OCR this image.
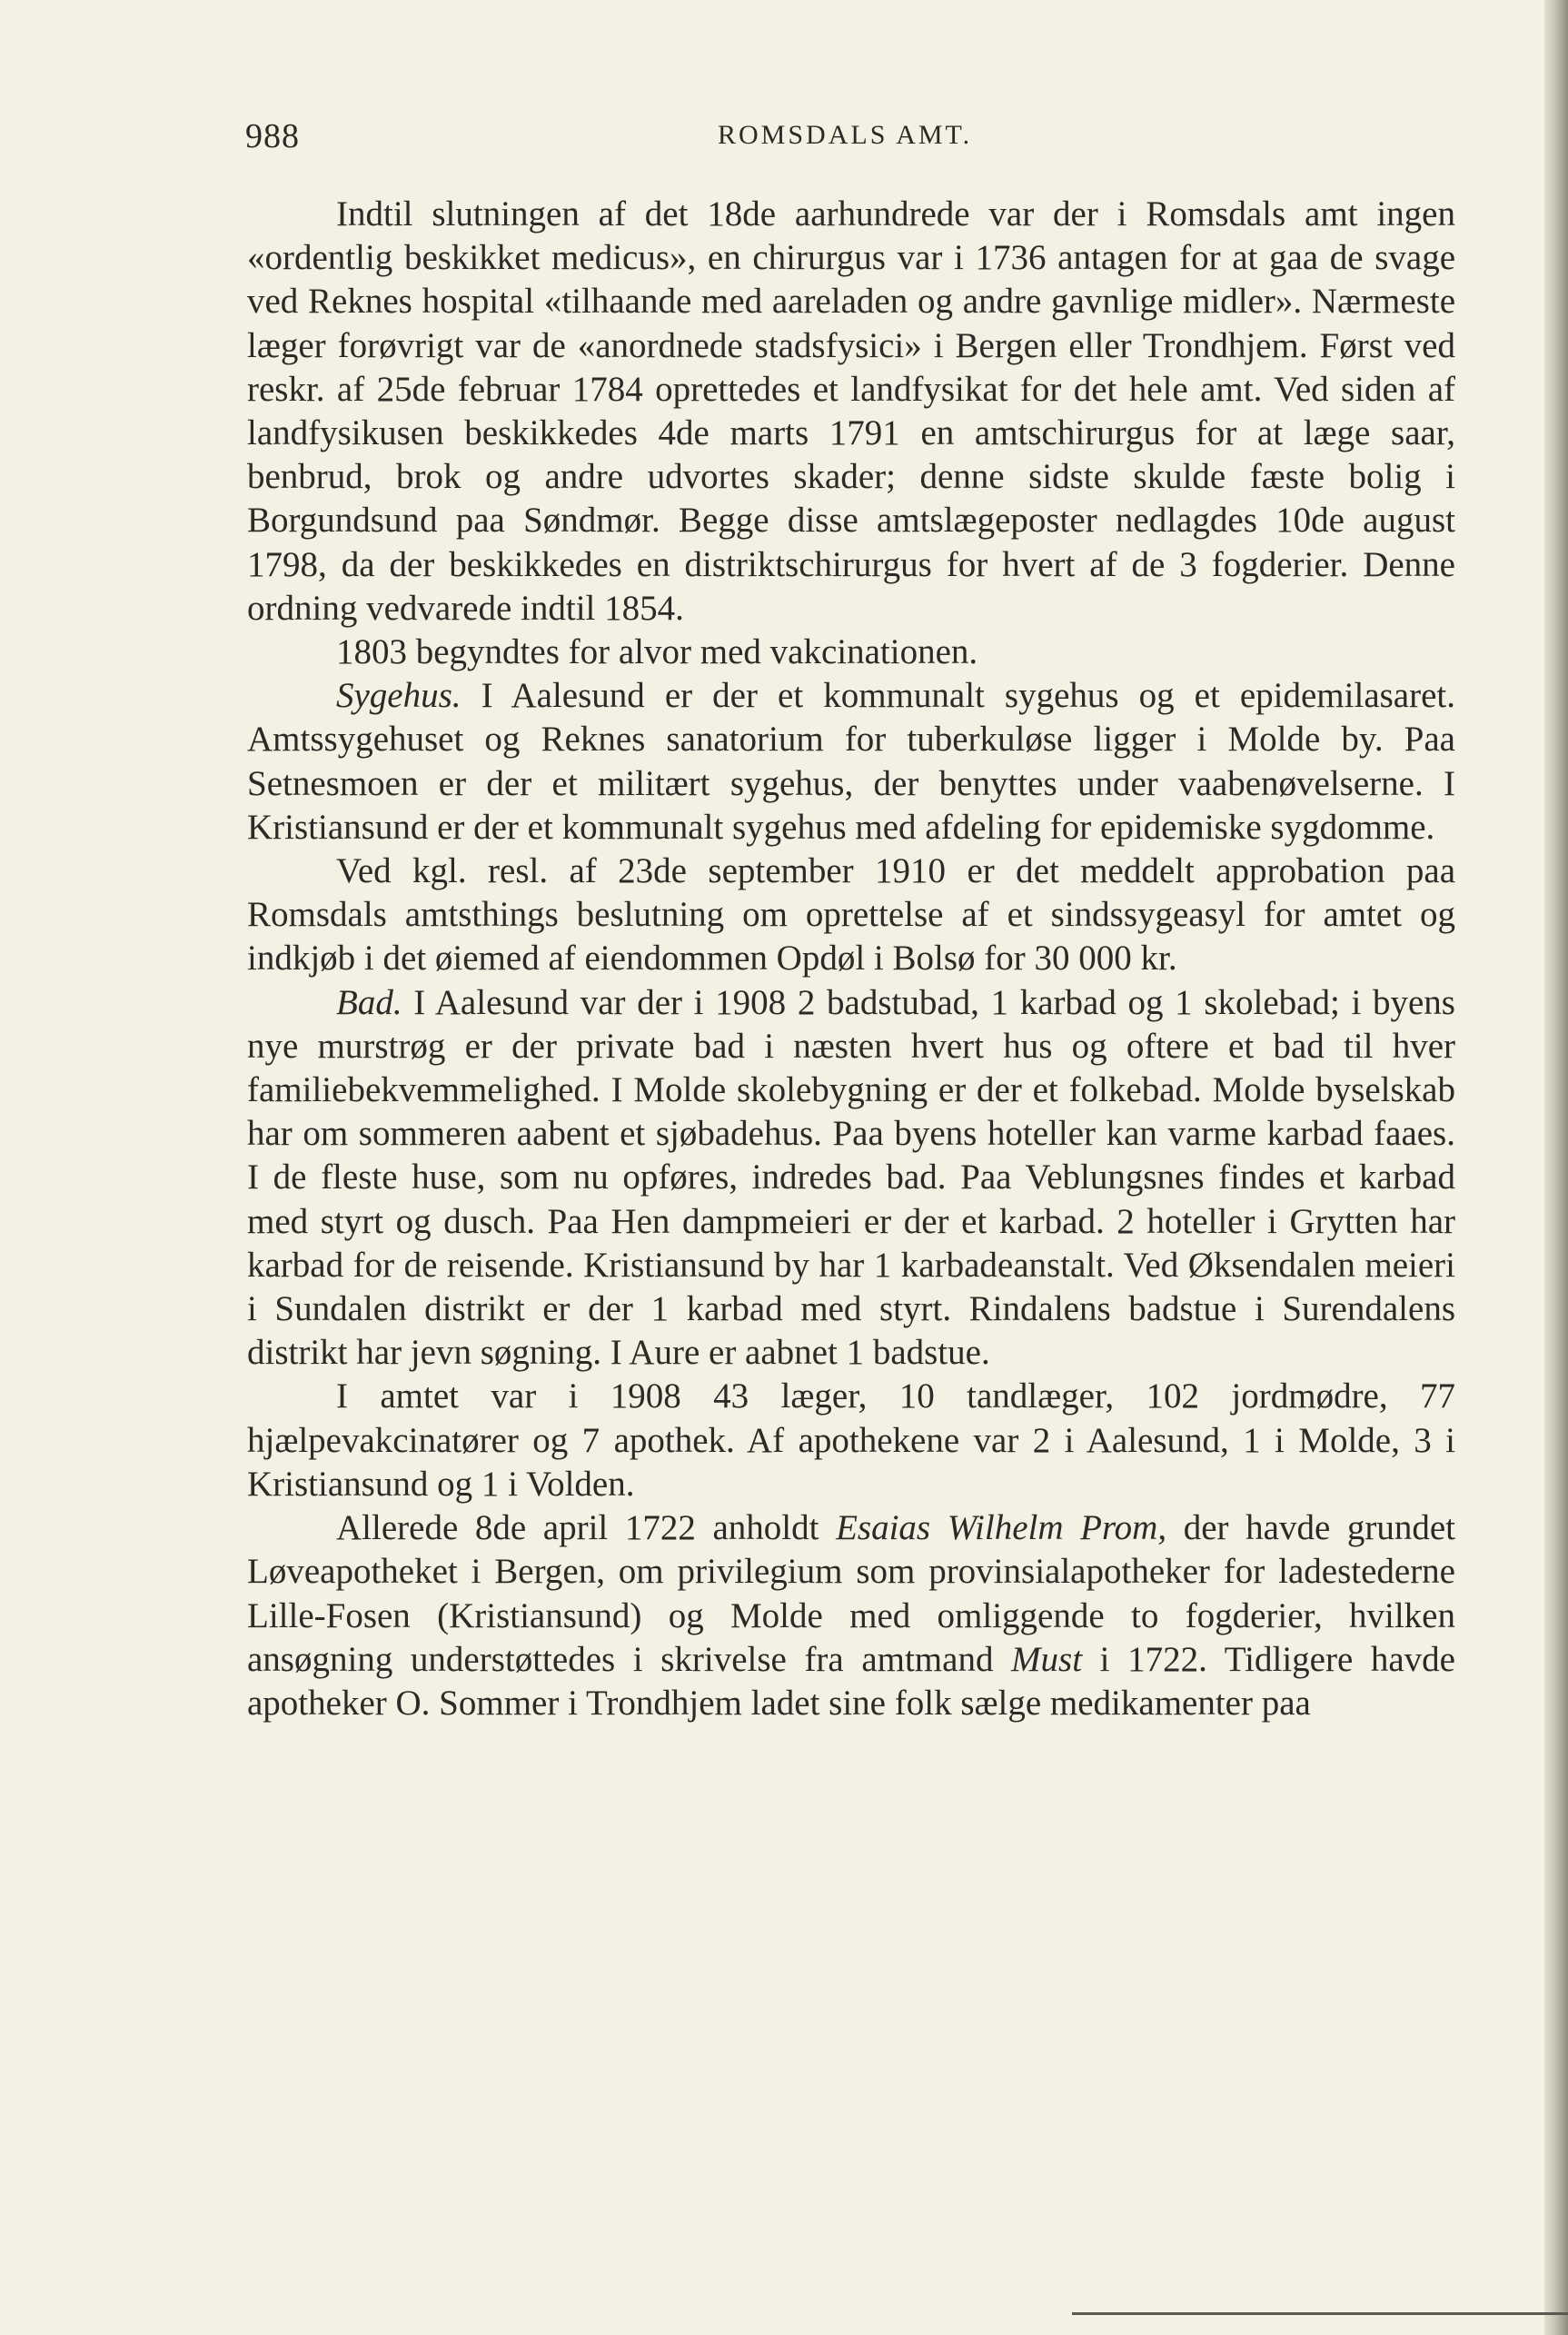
988	ROMSDALS AMT.

Indtil slutningen af det 18de aarhundrede var der i Romsdals amt ingen «ordentlig beskikket medicus», en chirurgus var i 1736 antagen for at gaa de svage ved Reknes hospital «tilhaande med aareladen og andre gavnlige midler». Nærmeste læger forøvrigt var de «anordnede stadsfysici» i Bergen eller Trondhjem. Først ved reskr. af 25de februar 1784 oprettedes et landfysikat for det hele amt. Ved siden af landfysikusen beskikkedes 4de marts 1791 en amtschirurgus for at læge saar, benbrud, brok og andre udvortes skader; denne sidste skulde fæste bolig i Borgundsund paa Søndmør. Begge disse amtslægeposter nedlagdes 10de august 1798, da der beskikkedes en distriktschirurgus for hvert af de 3 fogderier. Denne ordning vedvarede indtil 1854.

1803 begyndtes for alvor med vakcinationen.

Sygehus. I Aalesund er der et kommunalt sygehus og et epidemilasaret. Amtssygehuset og Reknes sanatorium for tuberkuløse ligger i Molde by. Paa Setnesmoen er der et militært sygehus, der benyttes under vaabenøvelserne. I Kristiansund er der et kommunalt sygehus med afdeling for epidemiske sygdomme.

Ved kgl. resl. af 23de september 1910 er det meddelt approbation paa Romsdals amtsthings beslutning om oprettelse af et sindssygeasyl for amtet og indkjøb i det øiemed af eiendommen Opdøl i Bolsø for 30 000 kr.

Bad. I Aalesund var der i 1908 2 badstubad, 1 karbad og 1 skolebad; i byens nye murstrøg er der private bad i næsten hvert hus og oftere et bad til hver familiebekvemmelighed. I Molde skolebygning er der et folkebad. Molde byselskab har om sommeren aabent et sjøbadehus. Paa byens hoteller kan varme karbad faaes. I de fleste huse, som nu opføres, indredes bad. Paa Veblungsnes findes et karbad med styrt og dusch. Paa Hen dampmeieri er der et karbad. 2 hoteller i Grytten har karbad for de reisende. Kristiansund by har 1 karbadeanstalt. Ved Øksendalen meieri i Sundalen distrikt er der 1 karbad med styrt. Rindalens badstue i Surendalens distrikt har jevn søgning. I Aure er aabnet 1 badstue.

I amtet var i 1908 43 læger, 10 tandlæger, 102 jordmødre, 77 hjælpevakcinatører og 7 apothek. Af apothekene var 2 i Aalesund, 1 i Molde, 3 i Kristiansund og 1 i Volden.

Allerede 8de april 1722 anholdt Esaias Wilhelm Prom, der havde grundet Løveapotheket i Bergen, om privilegium som provinsialapotheker for ladestederne Lille-Fosen (Kristiansund) og Molde med omliggende to fogderier, hvilken ansøgning understøttedes i skrivelse fra amtmand Must i 1722. Tidligere havde apotheker O. Sommer i Trondhjem ladet sine folk sælge medikamenter paa
